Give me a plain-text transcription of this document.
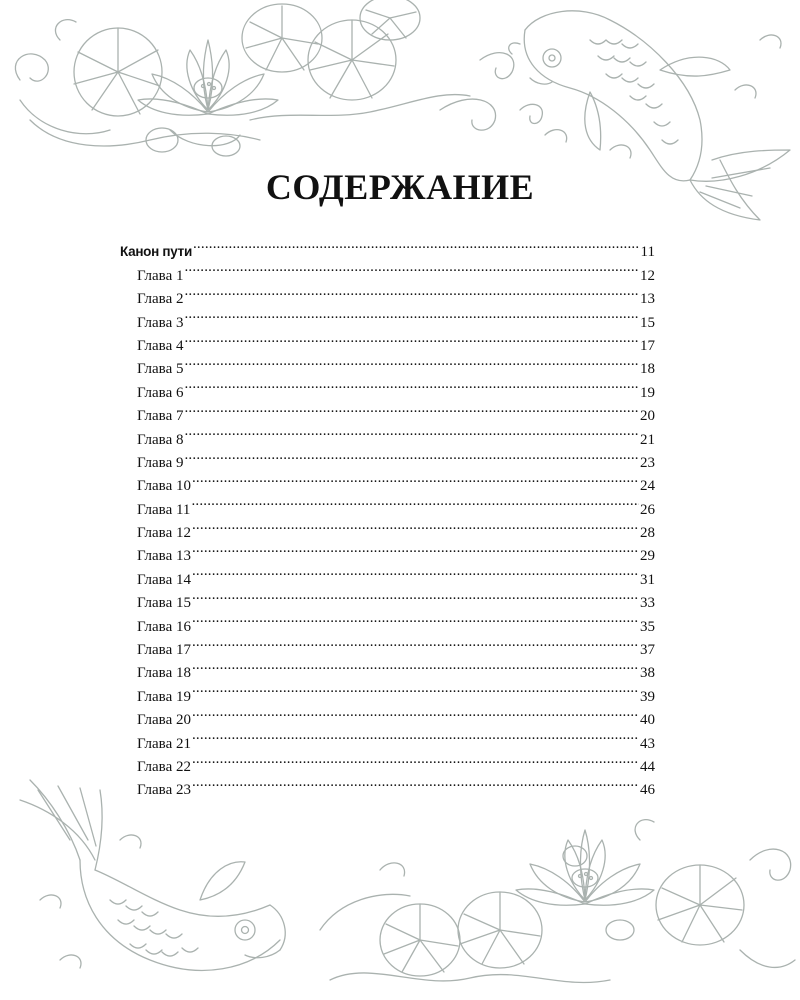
СОДЕРЖАНИЕ
Канон пути .....	11
Глава 1 .....	12
Глава 2 .....	13
Глава 3 .....	15
Глава 4 .....	17
Глава 5 .....	18
Глава 6 .....	19
Глава 7 .....	20
Глава 8 .....	21
Глава 9 .....	23
Глава 10 .....	24
Глава 11 .....	26
Глава 12 .....	28
Глава 13 .....	29
Глава 14 .....	31
Глава 15 .....	33
Глава 16 .....	35
Глава 17 .....	37
Глава 18 .....	38
Глава 19 .....	39
Глава 20 .....	40
Глава 21 .....	43
Глава 22 .....	44
Глава 23 .....	46
